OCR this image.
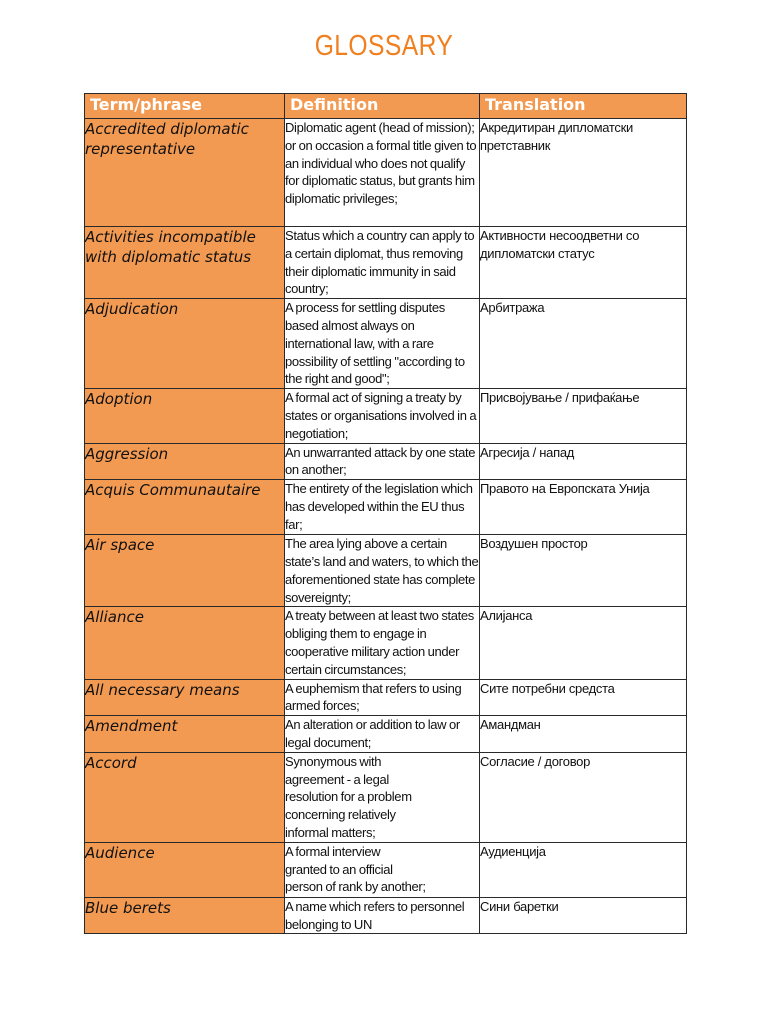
GLOSSARY
Term/phrase	Definition	Translation

Accredited diplomatic representative	Diplomatic agent (head of mission); or on occasion a formal title given to an individual who does not qualify for diplomatic status, but grants him diplomatic privileges;	Акредитиран дипломатски претставник

Activities incompatible with diplomatic status	Status which a country can apply to a certain diplomat, thus removing their diplomatic immunity in said country;	Активности несоодветни со дипломатски статус

Adjudication	A process for settling disputes based almost always on international law, with a rare possibility of settling "according to the right and good";	Арбитража

Adoption	A formal act of signing a treaty by states or organisations involved in a negotiation;	Присвојување / прифаќање

Aggression	An unwarranted attack by one state on another;	Агресија / напад

Acquis Communautaire	The entirety of the legislation which has developed within the EU thus far;	Правото на Европската Унија

Air space	The area lying above a certain state’s land and waters, to which the aforementioned state has complete sovereignty;	Воздушен простор

Alliance	A treaty between at least two states obliging them to engage in cooperative military action under certain circumstances;	Алијанса

All necessary means	A euphemism that refers to using armed forces;	Сите потребни средста

Amendment	An alteration or addition to law or legal document;	Амандман

Accord	Synonymous with
agreement - a legal
resolution for a problem
concerning relatively
informal matters;	Согласие / договор

Audience	A formal interview
granted to an official
person of rank by another;	Аудиенција

Blue berets	A name which refers to personnel belonging to UN	Сини баретки
